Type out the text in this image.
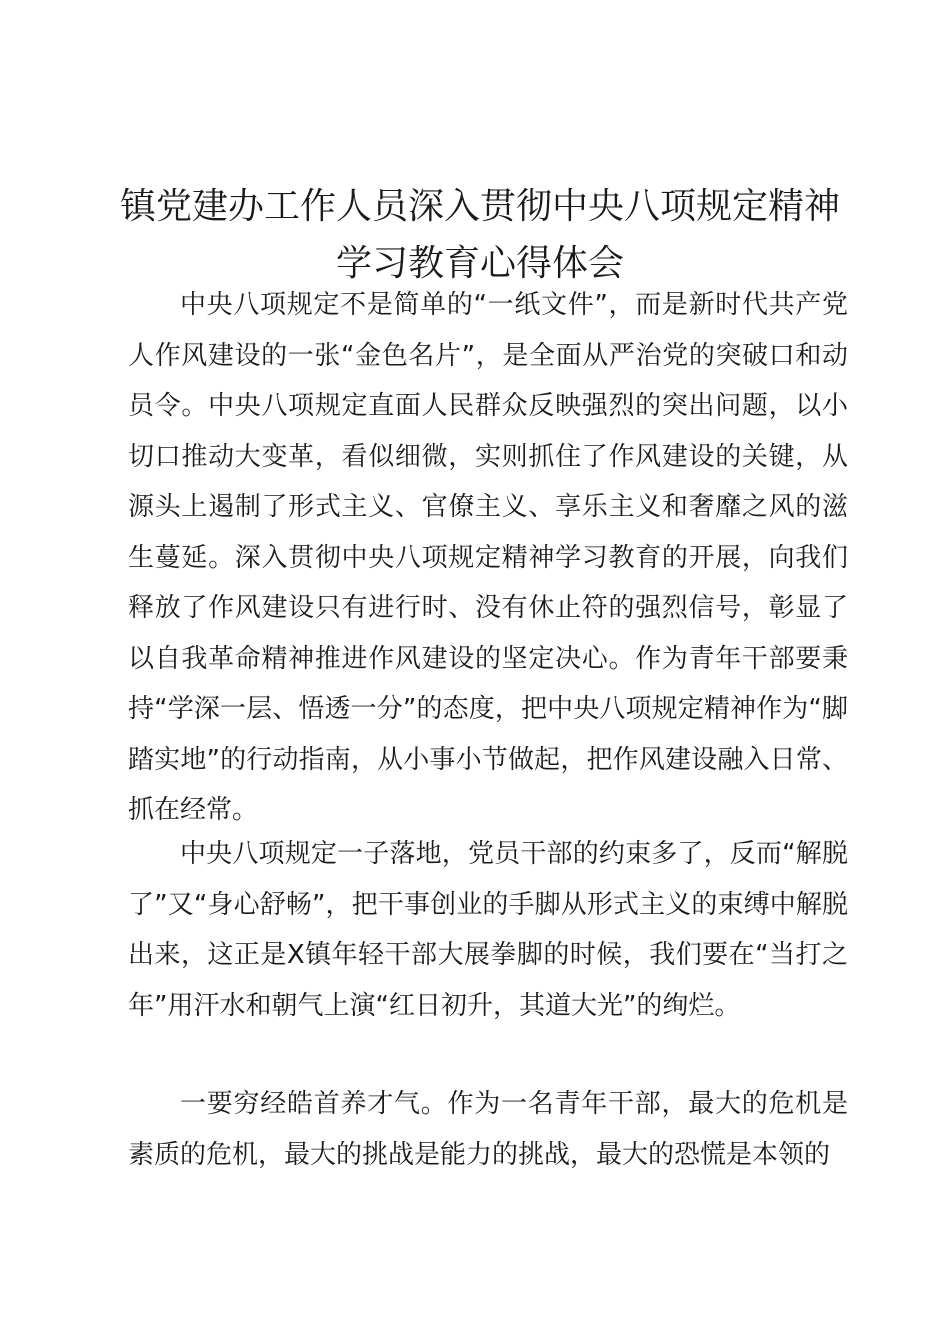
镇党建办工作人员深入贯彻中央八项规定精神
学习教育心得体会

中央八项规定不是简单的“一纸文件”，而是新时代共产党人作风建设的一张“金色名片”，是全面从严治党的突破口和动员令。中央八项规定直面人民群众反映强烈的突出问题，以小切口推动大变革，看似细微，实则抓住了作风建设的关键，从源头上遏制了形式主义、官僚主义、享乐主义和奢靡之风的滋生蔓延。深入贯彻中央八项规定精神学习教育的开展，向我们释放了作风建设只有进行时、没有休止符的强烈信号，彰显了以自我革命精神推进作风建设的坚定决心。作为青年干部要秉持“学深一层、悟透一分”的态度，把中央八项规定精神作为“脚踏实地”的行动指南，从小事小节做起，把作风建设融入日常、抓在经常。

中央八项规定一子落地，党员干部的约束多了，反而“解脱了”又“身心舒畅”，把干事创业的手脚从形式主义的束缚中解脱出来，这正是X镇年轻干部大展拳脚的时候，我们要在“当打之年”用汗水和朝气上演“红日初升，其道大光”的绚烂。

一要穷经皓首养才气。作为一名青年干部，最大的危机是素质的危机，最大的挑战是能力的挑战，最大的恐慌是本领的
